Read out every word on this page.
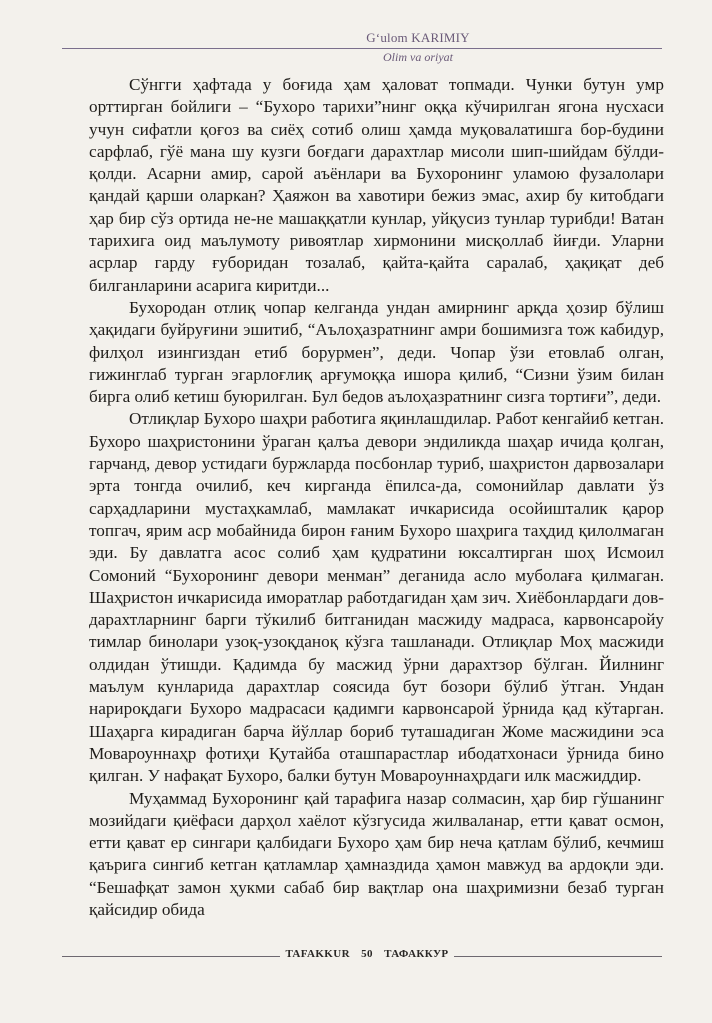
G‘ulom KARIMIY
Olim va oriyat

Сўнгги ҳафтада у боғида ҳам ҳаловат топмади. Чунки бутун умр орттирган бойлиги – “Бухоро тарихи”нинг оққа кўчирилган ягона нусхаси учун сифатли қоғоз ва сиёҳ сотиб олиш ҳамда муқовалатишга бор-будини сарфлаб, гўё мана шу кузги боғдаги дарахтлар мисоли шип-шийдам бўлди-қолди. Асарни амир, сарой аъёнлари ва Бухоронинг уламою фузалолари қандай қарши оларкан? Ҳаяжон ва хавотири бежиз эмас, ахир бу китобдаги ҳар бир сўз ортида не-не машаққатли кунлар, уйқусиз тунлар турибди! Ватан тарихига оид маълумоту ривоятлар хирмонини мисқоллаб йиғди. Уларни асрлар гарду ғуборидан тозалаб, қайта-қайта саралаб, ҳақиқат деб билганларини асарига киритди...

Бухородан отлиқ чопар келганда ундан амирнинг арқда ҳозир бўлиш ҳақидаги буйруғини эшитиб, “Аълоҳазратнинг амри бошимизга тож кабидур, филҳол изингиздан етиб борурмен”, деди. Чопар ўзи етовлаб олган, гижинглаб турган эгарлоғлиқ арғумоққа ишора қилиб, “Сизни ўзим билан бирга олиб кетиш буюрилган. Бул бедов аълоҳазратнинг сизга тортиғи”, деди.

Отлиқлар Бухоро шаҳри работига яқинлашдилар. Работ кенгайиб кетган. Бухоро шаҳристонини ўраган қалъа девори эндиликда шаҳар ичида қолган, гарчанд, девор устидаги буржларда посбонлар туриб, шаҳристон дарвозалари эрта тонгда очилиб, кеч кирганда ёпилса-да, сомонийлар давлати ўз сарҳадларини мустаҳкамлаб, мамлакат ичкарисида осойишталик қарор топгач, ярим аср мобайнида бирон ғаним Бухоро шаҳрига таҳдид қилолмаган эди. Бу давлатга асос солиб ҳам қудратини юксалтирган шоҳ Исмоил Сомоний “Бухоронинг девори менман” деганида асло муболаға қилмаган. Шаҳристон ичкарисида иморатлар работдагидан ҳам зич. Хиёбонлардаги дов-дарахтларнинг барги тўкилиб битганидан масжиду мадраса, карвонсаройу тимлар бинолари узоқ-узоқданоқ кўзга ташланади. Отлиқлар Моҳ масжиди олдидан ўтишди. Қадимда бу масжид ўрни дарахтзор бўлган. Йилнинг маълум кунларида дарахтлар соясида бут бозори бўлиб ўтган. Ундан нарироқдаги Бухоро мадрасаси қадимги карвонсарой ўрнида қад кўтарган. Шаҳарга кирадиган барча йўллар бориб туташадиган Жоме масжидини эса Мовароуннаҳр фотиҳи Қутайба оташпарастлар ибодатхонаси ўрнида бино қилган. У нафақат Бухоро, балки бутун Мовароуннаҳрдаги илк масжиддир.

Муҳаммад Бухоронинг қай тарафига назар солмасин, ҳар бир гўшанинг мозийдаги қиёфаси дарҳол хаёлот кўзгусида жилваланар, етти қават осмон, етти қават ер сингари қалбидаги Бухоро ҳам бир неча қатлам бўлиб, кечмиш қаърига сингиб кетган қатламлар ҳамназдида ҳамон мавжуд ва ардоқли эди. “Бешафқат замон ҳукми сабаб бир вақтлар она шаҳримизни безаб турган қайсидир обида

TAFAKKUR 50 ТАФАККУР
